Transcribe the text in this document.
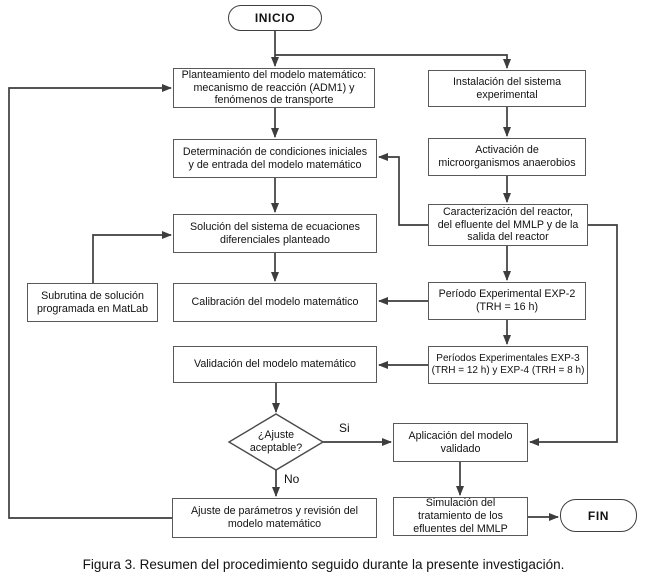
INICIO
Planteamiento del modelo matemático:
mecanismo de reacción (ADM1) y
fenómenos de transporte
Instalación del sistema
experimental
Determinación de condiciones iniciales
y de entrada del modelo matemático
Activación de
microorganismos anaerobios
Solución del sistema de ecuaciones
diferenciales planteado
Caracterización del reactor,
del efluente del MMLP y de la
salida del reactor
Subrutina de solución
programada en MatLab
Calibración del modelo matemático
Período Experimental EXP-2
(TRH = 16 h)
Validación del modelo matemático	Períodos Experimentales EXP-3
(TRH = 12 h) y EXP-4 (TRH = 8 h)
¿Ajuste
aceptable?
Si
No
Aplicación del modelo
validado
Ajuste de parámetros y revisión del
modelo matemático
Simulación del
tratamiento de los
efluentes del MMLP
FIN
Figura 3. Resumen del procedimiento seguido durante la presente investigación.
